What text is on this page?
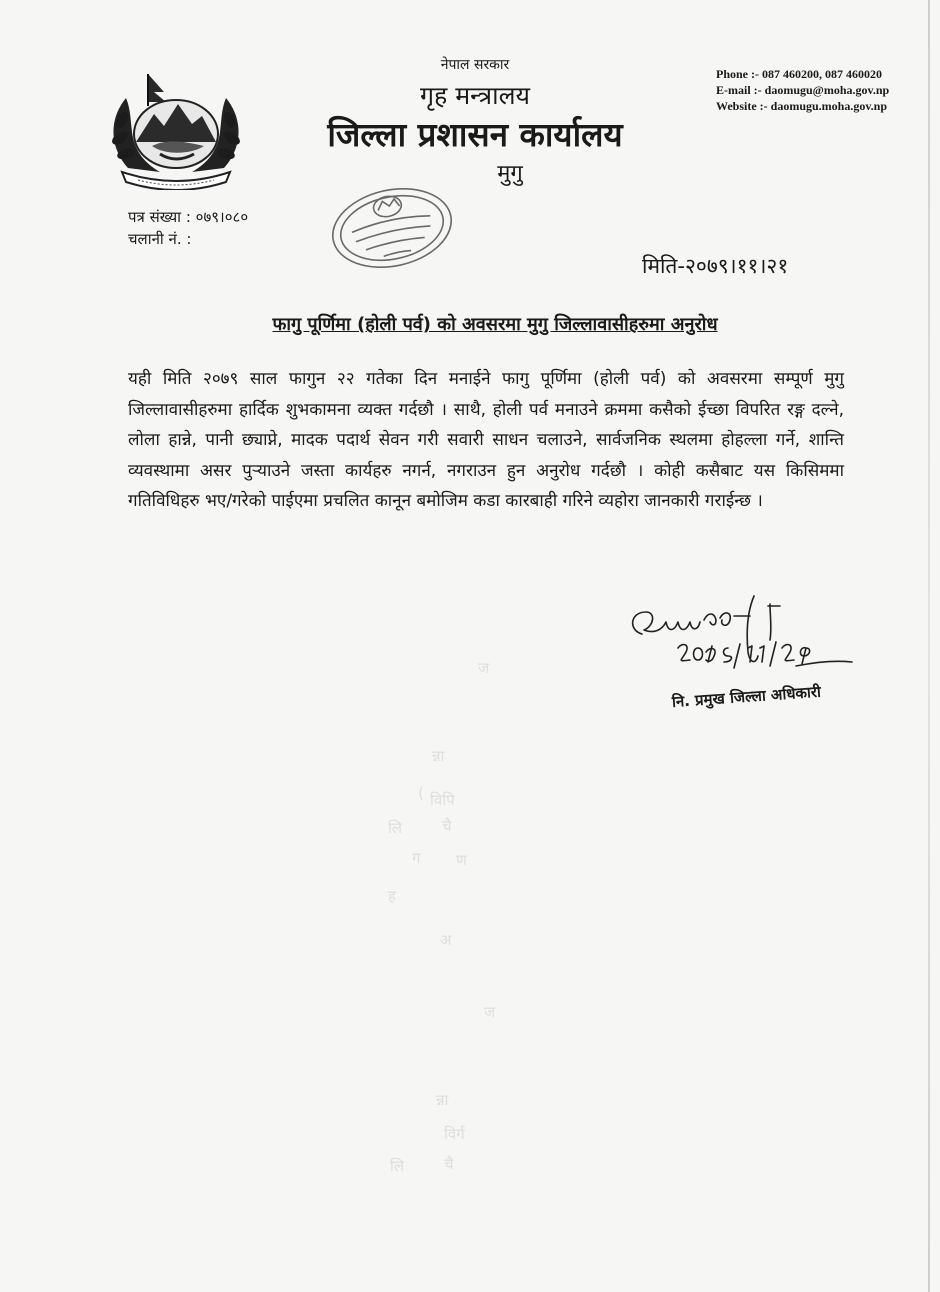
नेपाल सरकार
गृह मन्त्रालय
जिल्ला प्रशासन कार्यालय
मुगु
Phone :- 087 460200, 087 460020
E-mail :- daomugu@moha.gov.np
Website :- daomugu.moha.gov.np
पत्र संख्या : ०७९।०८०
चलानी नं. :
मिति-२०७९।११।२१
फागु पूर्णिमा (होली पर्व) को अवसरमा मुगु जिल्लावासीहरुमा अनुरोध
यही मिति २०७९ साल फागुन २२ गतेका दिन मनाईने फागु पूर्णिमा (होली पर्व) को अवसरमा सम्पूर्ण मुगु जिल्लावासीहरुमा हार्दिक शुभकामना व्यक्त गर्दछौ । साथै, होली पर्व मनाउने क्रममा कसैको ईच्छा विपरित रङ्ग दल्ने, लोला हान्ने, पानी छ्याप्ने, मादक पदार्थ सेवन गरी सवारी साधन चलाउने, सार्वजनिक स्थलमा होहल्ला गर्ने, शान्ति व्यवस्थामा असर पुऱ्याउने जस्ता कार्यहरु नगर्न, नगराउन हुन अनुरोध गर्दछौ । कोही कसैबाट यस किसिममा गतिविधिहरु भए/गरेको पाईएमा प्रचलित कानून बमोजिम कडा कारबाही गरिने व्यहोरा जानकारी गराईन्छ ।
नि. प्रमुख जिल्ला अधिकारी
ज
न्ना
( विपि
लि	चै
ग ण
ह
अ
ज
न्ना
विर्ग
लि	चै
